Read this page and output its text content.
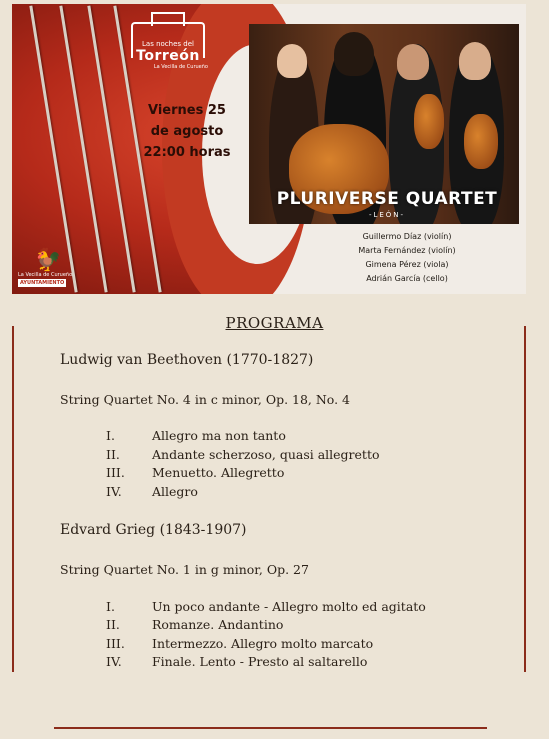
Las noches del
Torreón
La Vecilla de Curueño
Viernes 25
de agosto
22:00 horas
PLURIVERSE QUARTET
-LEÓN-
Guillermo Díaz (violín)
Marta Fernández (violín)
Gimena Pérez (viola)
Adrián García (cello)
🐓
La Vecilla de Curueño
AYUNTAMIENTO
PROGRAMA
Ludwig van Beethoven (1770-1827)
String Quartet No. 4 in c minor, Op. 18, No. 4
I.	Allegro ma non tanto
II.	Andante scherzoso, quasi allegretto
III. Menuetto. Allegretto
IV. Allegro
Edvard Grieg (1843-1907)
String Quartet No. 1 in g minor, Op. 27
I.	Un poco andante - Allegro molto ed agitato
II.	Romanze. Andantino
III. Intermezzo. Allegro molto marcato
IV. Finale. Lento - Presto al saltarello
